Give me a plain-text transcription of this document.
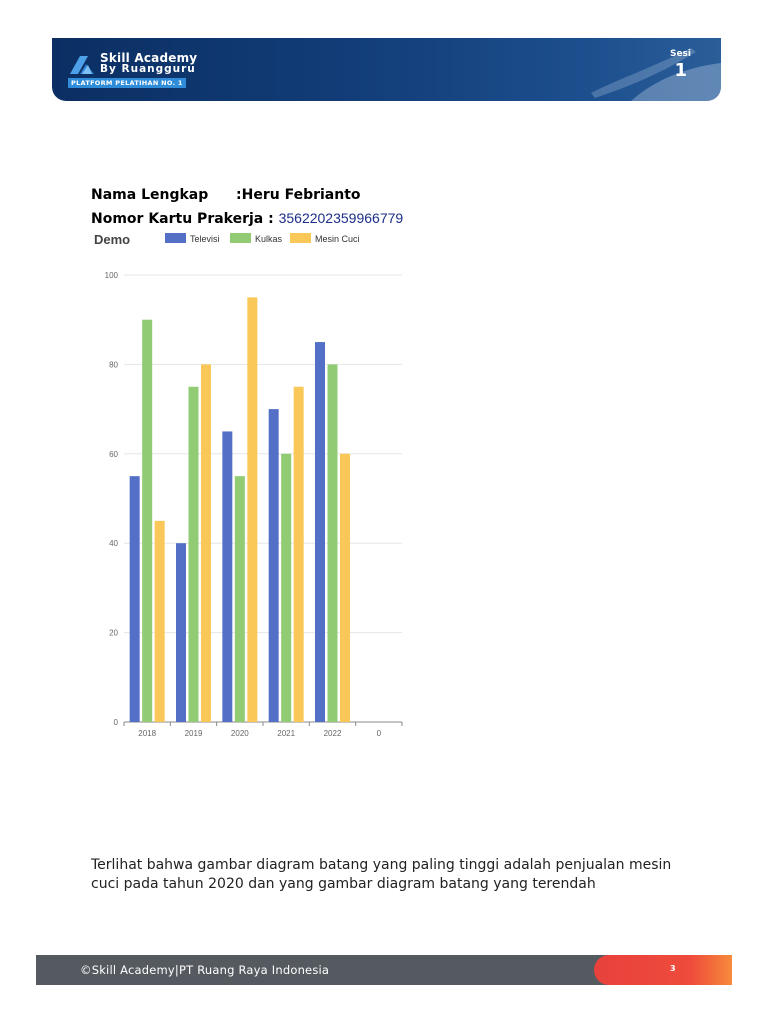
Skill Academy
By Ruangguru
PLATFORM PELATIHAN NO. 1
Sesi
1
Nama Lengkap :Heru Febrianto
Nomor Kartu Prakerja : 3562202359966779
Demo	Televisi	Kulkas	Mesin Cuci
0
20
40
60
80
100
2018	2019	2020	2021	2022	0
Terlihat bahwa gambar diagram batang yang paling tinggi adalah penjualan mesin cuci pada tahun 2020 dan yang gambar diagram batang yang terendah
©Skill Academy|PT Ruang Raya Indonesia	3
